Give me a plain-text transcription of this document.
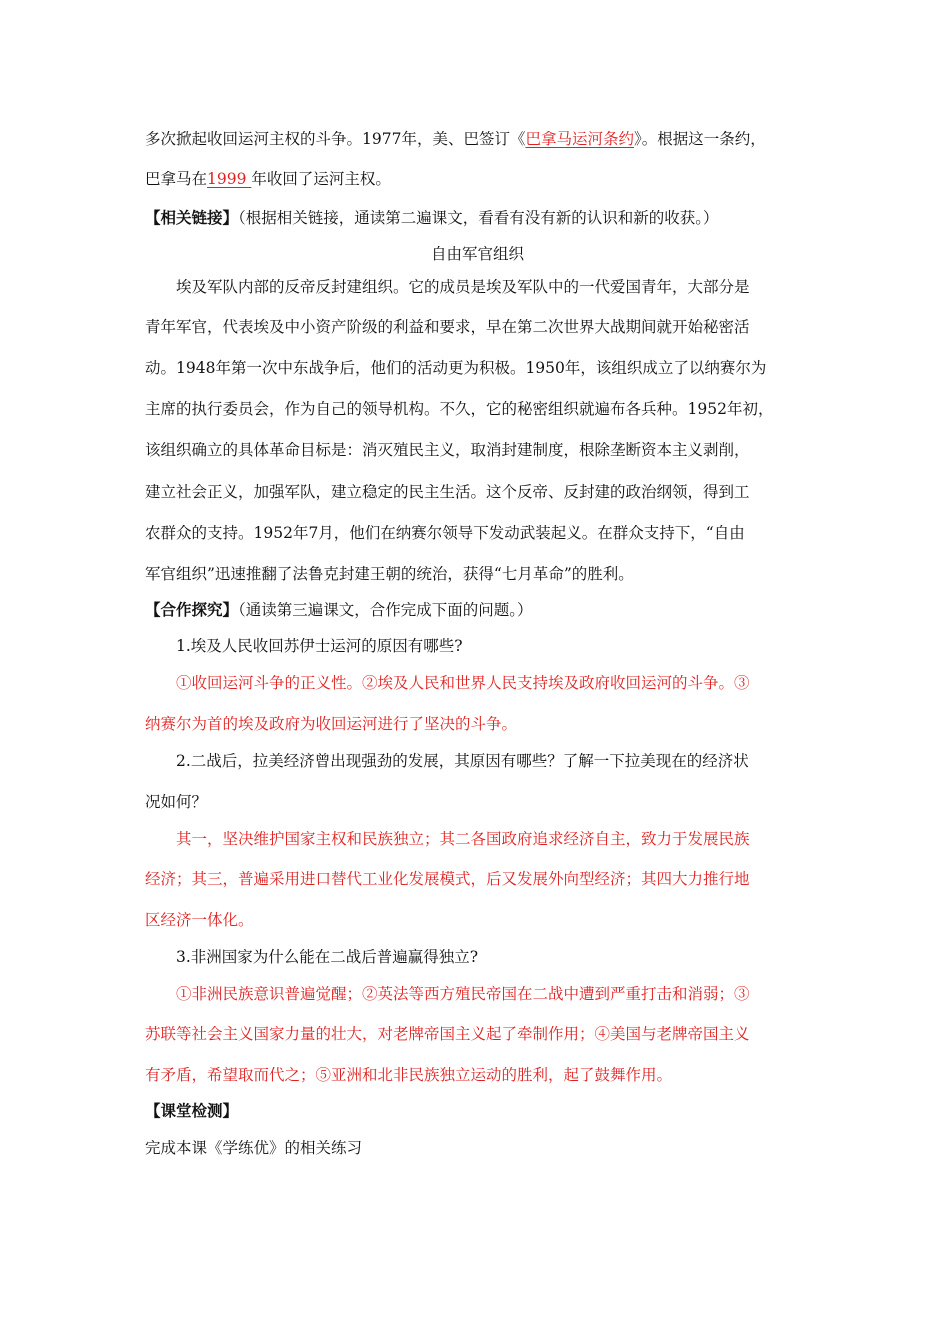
多次掀起收回运河主权的斗争。1977年，美、巴签订《巴拿马运河条约》。根据这一条约，
巴拿马在1999 年收回了运河主权。
【相关链接】（根据相关链接，通读第二遍课文，看看有没有新的认识和新的收获。）
自由军官组织
埃及军队内部的反帝反封建组织。它的成员是埃及军队中的一代爱国青年，大部分是
青年军官，代表埃及中小资产阶级的利益和要求，早在第二次世界大战期间就开始秘密活
动。1948年第一次中东战争后，他们的活动更为积极。1950年，该组织成立了以纳赛尔为
主席的执行委员会，作为自己的领导机构。不久，它的秘密组织就遍布各兵种。1952年初，
该组织确立的具体革命目标是：消灭殖民主义，取消封建制度，根除垄断资本主义剥削，
建立社会正义，加强军队，建立稳定的民主生活。这个反帝、反封建的政治纲领，得到工
农群众的支持。1952年7月，他们在纳赛尔领导下发动武装起义。在群众支持下，“自由
军官组织”迅速推翻了法鲁克封建王朝的统治，获得“七月革命”的胜利。
【合作探究】（通读第三遍课文，合作完成下面的问题。）
1.埃及人民收回苏伊士运河的原因有哪些?
①收回运河斗争的正义性。②埃及人民和世界人民支持埃及政府收回运河的斗争。③
纳赛尔为首的埃及政府为收回运河进行了坚决的斗争。
2.二战后，拉美经济曾出现强劲的发展，其原因有哪些？了解一下拉美现在的经济状
况如何？
其一，坚决维护国家主权和民族独立；其二各国政府追求经济自主，致力于发展民族
经济；其三，普遍采用进口替代工业化发展模式，后又发展外向型经济；其四大力推行地
区经济一体化。
3.非洲国家为什么能在二战后普遍赢得独立?
①非洲民族意识普遍觉醒；②英法等西方殖民帝国在二战中遭到严重打击和消弱；③
苏联等社会主义国家力量的壮大，对老牌帝国主义起了牵制作用；④美国与老牌帝国主义
有矛盾，希望取而代之；⑤亚洲和北非民族独立运动的胜利，起了鼓舞作用。
【课堂检测】
完成本课《学练优》的相关练习
